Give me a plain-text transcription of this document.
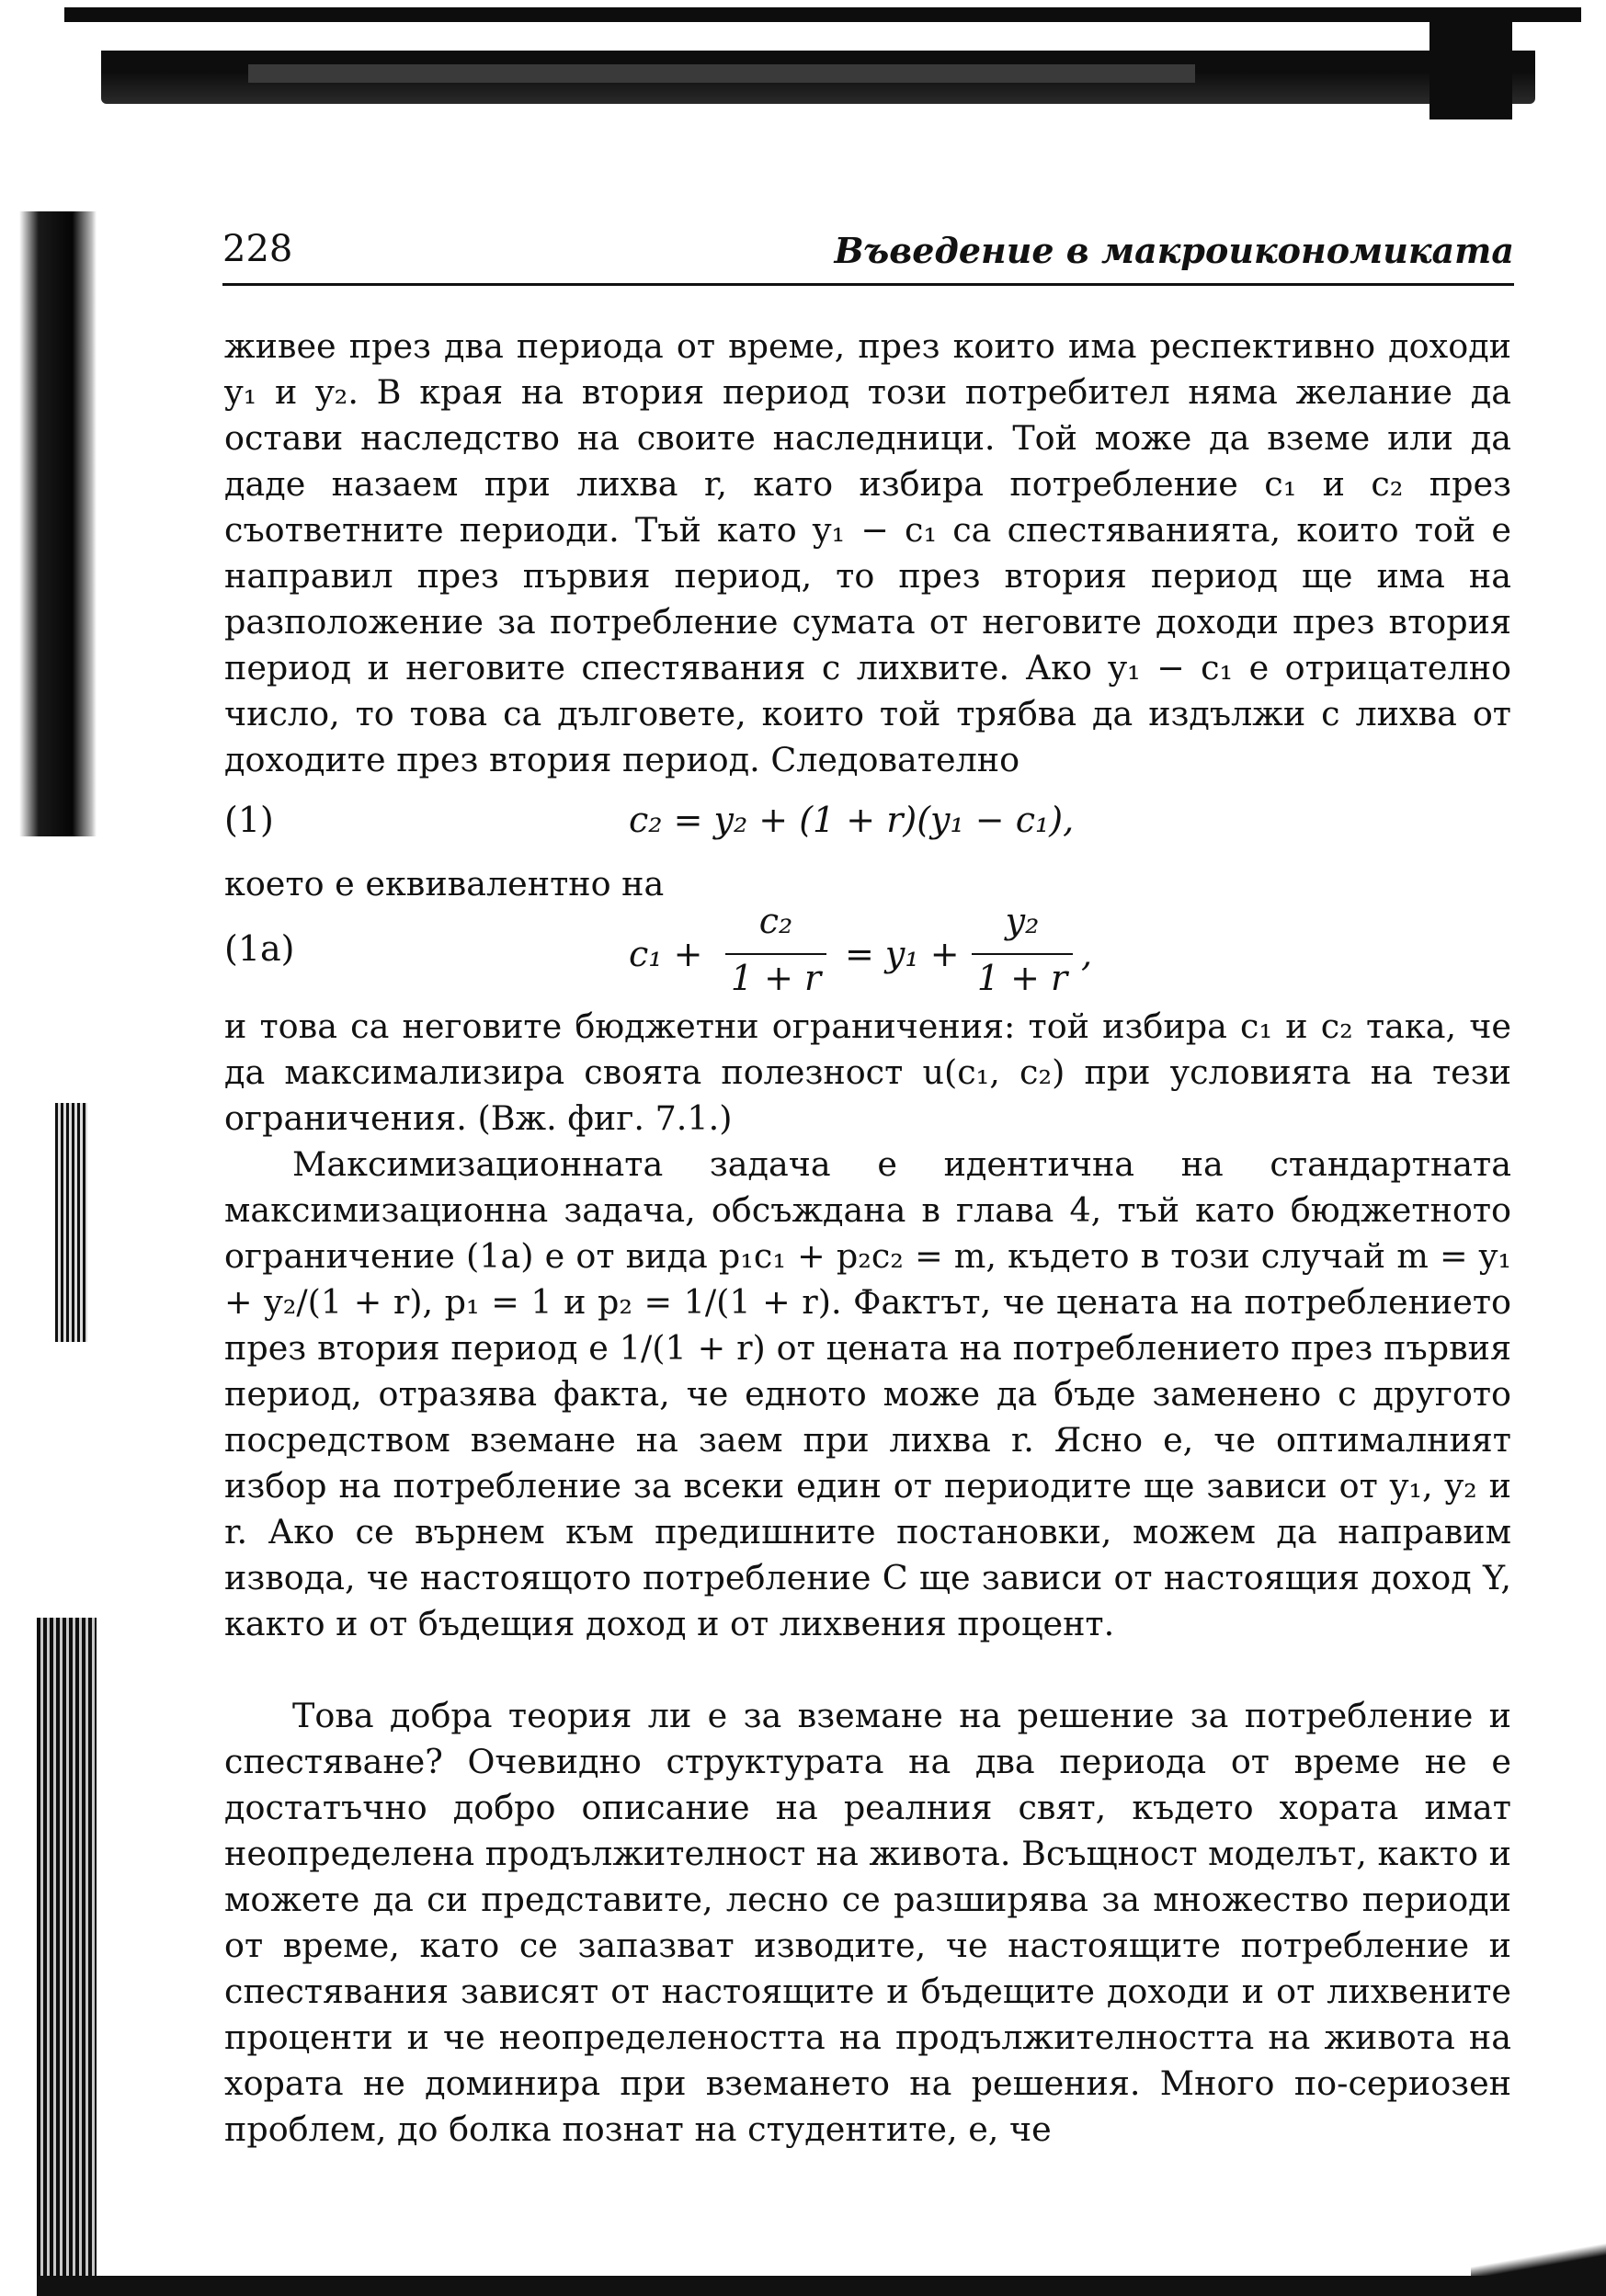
228	Въведение в макроикономиката

живее през два периода от време, през които има респективно доходи y₁ и y₂. В края на втория период този потребител няма желание да остави наследство на своите наследници. Той може да вземе или да даде назаем при лихва r, като избира потребление c₁ и c₂ през съответните периоди. Тъй като y₁ − c₁ са спестяванията, които той е направил през първия период, то през втория период ще има на разположение за потребление сумата от неговите доходи през втория период и неговите спестявания с лихвите. Ако y₁ − c₁ е отрицателно число, то това са дълговете, които той трябва да издължи с лихва от доходите през втория период. Следователно

(1)	c₂ = y₂ + (1 + r)(y₁ − c₁),

което е еквивалентно на

(1a)	c₁ +
c₂
1 + r
= y₁ +
y₂
1 + r
,

и това са неговите бюджетни ограничения: той избира c₁ и c₂ така, че да максимализира своята полезност u(c₁, c₂) при условията на тези ограничения. (Вж. фиг. 7.1.)

Максимизационната задача е идентична на стандартната максимизационна задача, обсъждана в глава 4, тъй като бюджетното ограничение (1a) е от вида p₁c₁ + p₂c₂ = m, където в този случай m = y₁ + y₂/(1 + r), p₁ = 1 и p₂ = 1/(1 + r). Фактът, че цената на потреблението през втория период е 1/(1 + r) от цената на потреблението през първия период, отразява факта, че едното може да бъде заменено с другото посредством вземане на заем при лихва r. Ясно е, че оптималният избор на потребление за всеки един от периодите ще зависи от y₁, y₂ и r. Ако се върнем към предишните постановки, можем да направим извода, че настоящото потребление C ще зависи от настоящия доход Y, както и от бъдещия доход и от лихвения процент.

Това добра теория ли е за вземане на решение за потребление и спестяване? Очевидно структурата на два периода от време не е достатъчно добро описание на реалния свят, където хората имат неопределена продължителност на живота. Всъщност моделът, както и можете да си представите, лесно се разширява за множество периоди от време, като се запазват изводите, че настоящите потребление и спестявания зависят от настоящите и бъдещите доходи и от лихвените проценти и че неопределеността на продължителността на живота на хората не доминира при вземането на решения. Много по-сериозен проблем, до болка познат на студентите, е, че
